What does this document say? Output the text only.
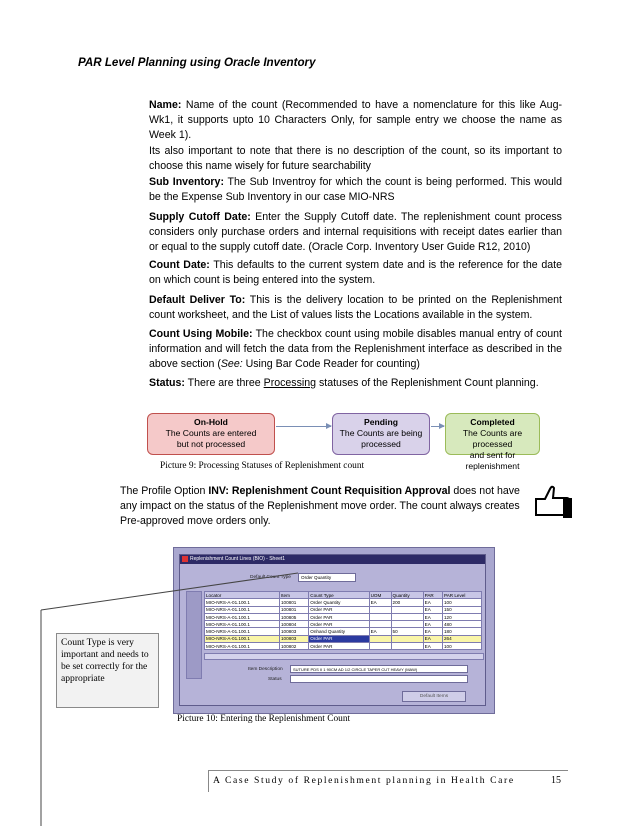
PAR Level Planning using Oracle Inventory
Name: Name of the count (Recommended to have a nomenclature for this like Aug-Wk1, it supports upto 10 Characters Only, for sample entry we choose the name as Week 1).
Its also important to note that there is no description of the count, so its important to choose this name wisely for future searchability
Sub Inventory: The Sub Inventroy for which the count is being performed. This would be the Expense Sub Inventory in our case MIO-NRS
Supply Cutoff Date: Enter the Supply Cutoff date. The replenishment count process considers only purchase orders and internal requisitions with receipt dates earlier than or equal to the supply cutoff date. (Oracle Corp. Inventory User Guide R12, 2010)
Count Date: This defaults to the current system date and is the reference for the date on which count is being entered into the system.
Default Deliver To: This is the delivery location to be printed on the Replenishment count worksheet, and the List of values lists the Locations available in the system.
Count Using Mobile: The checkbox count using mobile disables manual entry of count information and will fetch the data from the Replenishment interface as described in the above section (See: Using Bar Code Reader for counting)
Status: There are three Processing statuses of the Replenishment Count planning.
On-Hold
The Counts are entered
but not processed
Pending
The Counts are being
processed
Completed
The Counts are processed
and sent for replenishment
Picture 9: Processing Statuses of Replenishment count
The Profile Option INV: Replenishment Count Requisition Approval does not have any impact on the status of the Replenishment move order. The count always creates Pre-approved move orders only.
Replenishment Count Lines (BIO) - Sheet1
Default Count Type	Order Quantity
Locator	Item	Count Type	UOM	Quantity	PAR	PAR Level
MIO-NRS-A-01.100.1	100801	Order Quantity	EA	200	EA	100
MIO-NRS-A-01.100.1	100801	Order PAR			EA	150
MIO-NRS-A-01.100.1	100805	Order PAR			EA	120
MIO-NRS-A-01.100.1	100804	Order PAR			EA	480
MIO-NRS-A-01.100.1	100803	Onhand Quantity	EA	50	EA	180
MIO-NRS-A-01.100.1	100803	Order PAR			EA	264
MIO-NRS-A-01.100.1	100802	Order PAR			EA	100
Item Description	SUTURE PDS II 1 90CM AD 1/2 CIRCLE TAPER CUT HEAVY (MAW)
Status
Default Items
Count Type is very important and needs to be set correctly for the appropriate
Picture 10: Entering the Replenishment Count
A Case Study of Replenishment planning in Health Care	15
